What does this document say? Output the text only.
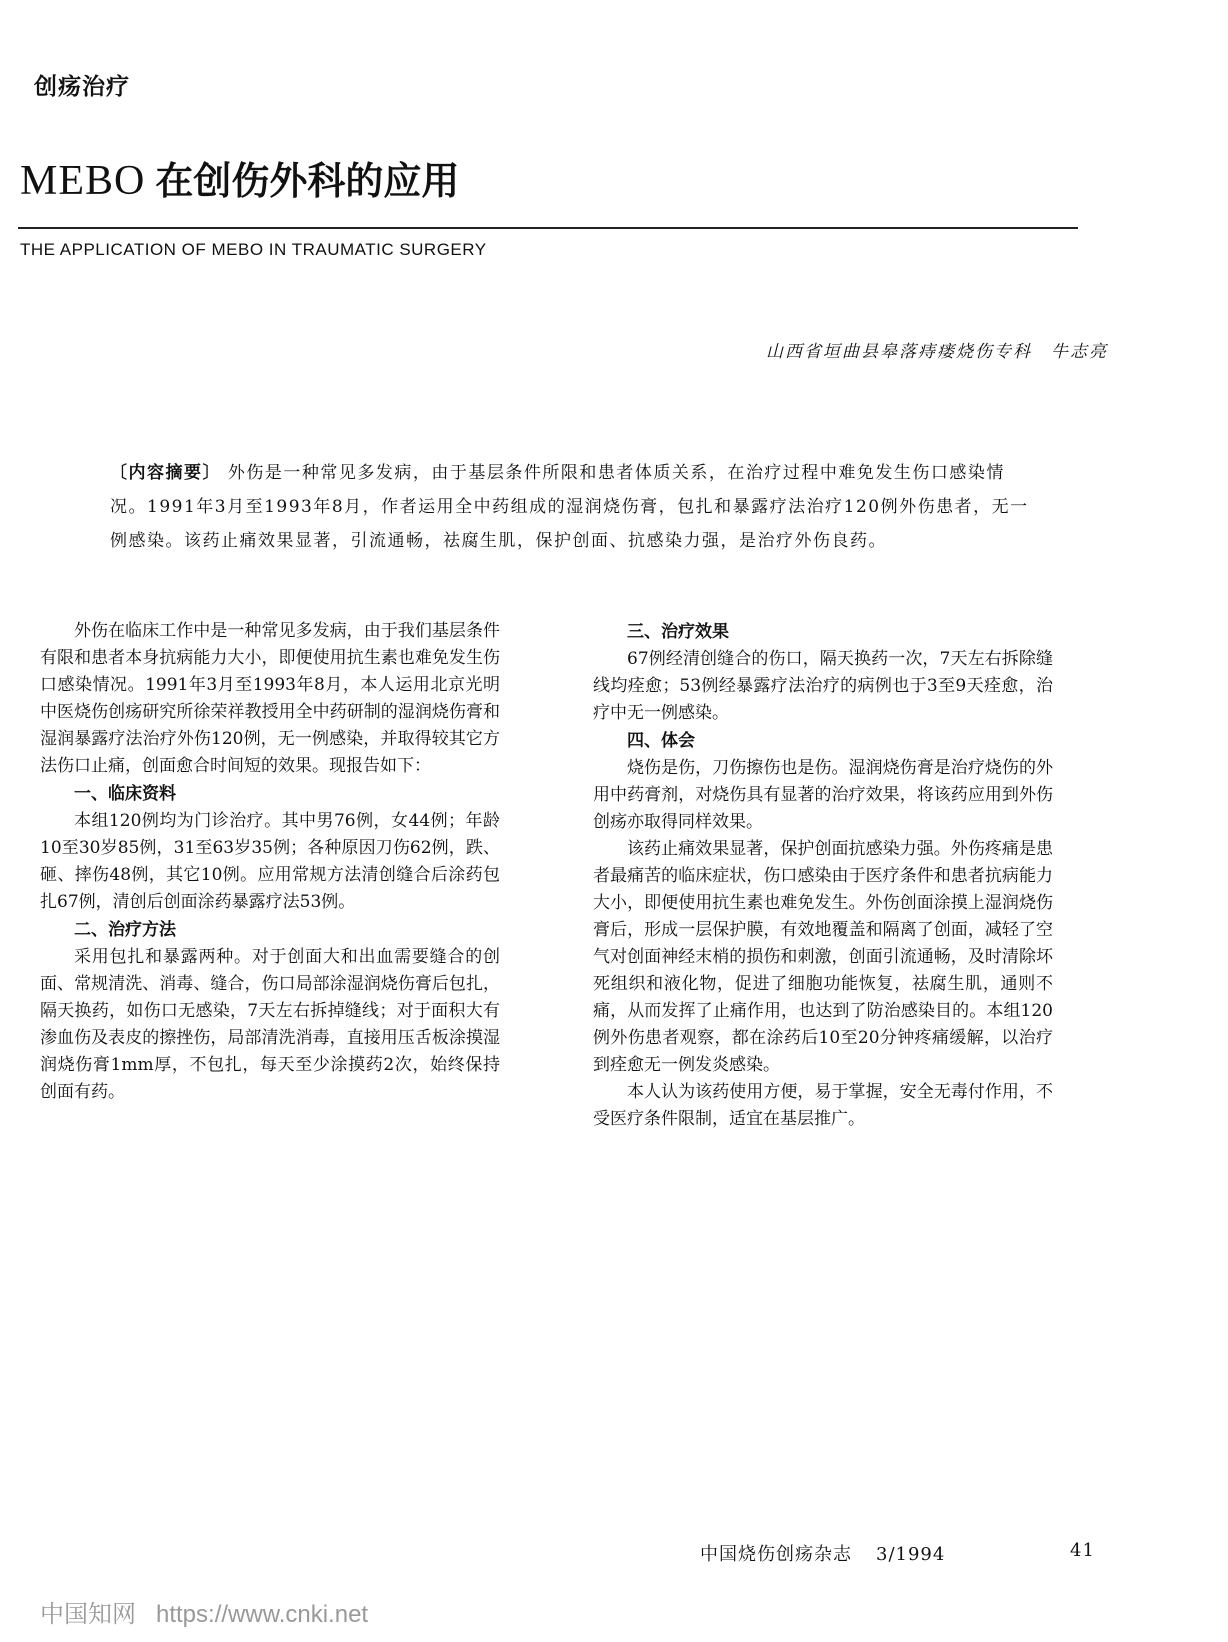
创疡治疗
MEBO 在创伤外科的应用
THE APPLICATION OF MEBO IN TRAUMATIC SURGERY
山西省垣曲县皋落痔瘘烧伤专科　牛志亮
〔内容摘要〕 外伤是一种常见多发病，由于基层条件所限和患者体质关系，在治疗过程中难免发生伤口感染情况。1991年3月至1993年8月，作者运用全中药组成的湿润烧伤膏，包扎和暴露疗法治疗120例外伤患者，无一例感染。该药止痛效果显著，引流通畅，祛腐生肌，保护创面、抗感染力强，是治疗外伤良药。

外伤在临床工作中是一种常见多发病，由于我们基层条件有限和患者本身抗病能力大小，即便使用抗生素也难免发生伤口感染情况。1991年3月至1993年8月，本人运用北京光明中医烧伤创疡研究所徐荣祥教授用全中药研制的湿润烧伤膏和湿润暴露疗法治疗外伤120例，无一例感染，并取得较其它方法伤口止痛，创面愈合时间短的效果。现报告如下：

一、临床资料

本组120例均为门诊治疗。其中男76例，女44例；年龄10至30岁85例，31至63岁35例；各种原因刀伤62例，跌、砸、摔伤48例，其它10例。应用常规方法清创缝合后涂药包扎67例，清创后创面涂药暴露疗法53例。

二、治疗方法

采用包扎和暴露两种。对于创面大和出血需要缝合的创面、常规清洗、消毒、缝合，伤口局部涂湿润烧伤膏后包扎，隔天换药，如伤口无感染，7天左右拆掉缝线；对于面积大有渗血伤及表皮的擦挫伤，局部清洗消毒，直接用压舌板涂摸湿润烧伤膏1mm厚，不包扎，每天至少涂摸药2次，始终保持创面有药。

三、治疗效果

67例经清创缝合的伤口，隔天换药一次，7天左右拆除缝线均痊愈；53例经暴露疗法治疗的病例也于3至9天痊愈，治疗中无一例感染。

四、体会

烧伤是伤，刀伤擦伤也是伤。湿润烧伤膏是治疗烧伤的外用中药膏剂，对烧伤具有显著的治疗效果，将该药应用到外伤创疡亦取得同样效果。

该药止痛效果显著，保护创面抗感染力强。外伤疼痛是患者最痛苦的临床症状，伤口感染由于医疗条件和患者抗病能力大小，即便使用抗生素也难免发生。外伤创面涂摸上湿润烧伤膏后，形成一层保护膜，有效地覆盖和隔离了创面，减轻了空气对创面神经末梢的损伤和刺激，创面引流通畅，及时清除坏死组织和液化物，促进了细胞功能恢复，祛腐生肌，通则不痛，从而发挥了止痛作用，也达到了防治感染目的。本组120例外伤患者观察，都在涂药后10至20分钟疼痛缓解，以治疗到痊愈无一例发炎感染。

本人认为该药使用方便，易于掌握，安全无毒付作用，不受医疗条件限制，适宜在基层推广。

中国烧伤创疡杂志 3/1994	41
中国知网 https://www.cnki.net
